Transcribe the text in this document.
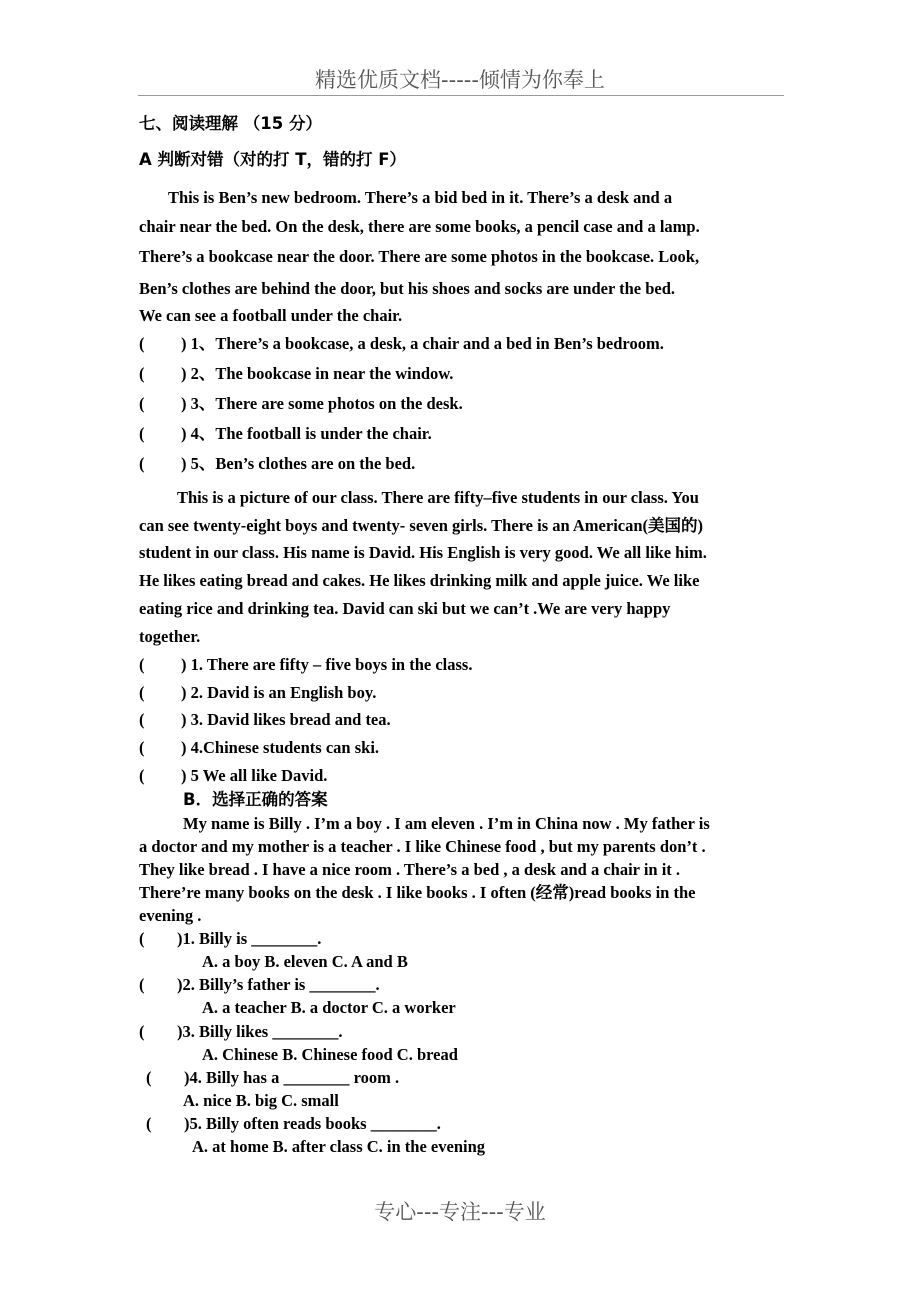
精选优质文档-----倾情为你奉上
七、阅读理解 （15 分）
A 判断对错（对的打 T，错的打 F）
This is Ben’s new bedroom. There’s a bid bed in it. There’s a desk and a
chair near the bed. On the desk, there are some books, a pencil case and a lamp.
There’s a bookcase near the door. There are some photos in the bookcase. Look,
Ben’s clothes are behind the door, but his shoes and socks are under the bed.
We can see a football under the chair.
( ) 1、There’s a bookcase, a desk, a chair and a bed in Ben’s bedroom.
( ) 2、The bookcase in near the window.
( ) 3、There are some photos on the desk.
( ) 4、The football is under the chair.
( ) 5、Ben’s clothes are on the bed.
This is a picture of our class. There are fifty–five students in our class. You
can see twenty-eight boys and twenty- seven girls. There is an American(美国的)
student in our class. His name is David. His English is very good. We all like him.
He likes eating bread and cakes. He likes drinking milk and apple juice. We like
eating rice and drinking tea. David can ski but we can’t .We are very happy
together.
( ) 1. There are fifty – five boys in the class.
( ) 2. David is an English boy.
( ) 3. David likes bread and tea.
( ) 4.Chinese students can ski.
( ) 5 We all like David.
B．选择正确的答案
My name is Billy . I’m a boy . I am eleven . I’m in China now . My father is
a doctor and my mother is a teacher . I like Chinese food , but my parents don’t .
They like bread . I have a nice room . There’s a bed , a desk and a chair in it .
There’re many books on the desk . I like books . I often (经常)read books in the
evening .
( )1. Billy is ________.
A. a boy B. eleven C. A and B
( )2. Billy’s father is ________.
A. a teacher B. a doctor C. a worker
( )3. Billy likes ________.
A. Chinese B. Chinese food C. bread
( )4. Billy has a ________ room .
A. nice B. big C. small
( )5. Billy often reads books ________.
A. at home B. after class C. in the evening
专心---专注---专业
